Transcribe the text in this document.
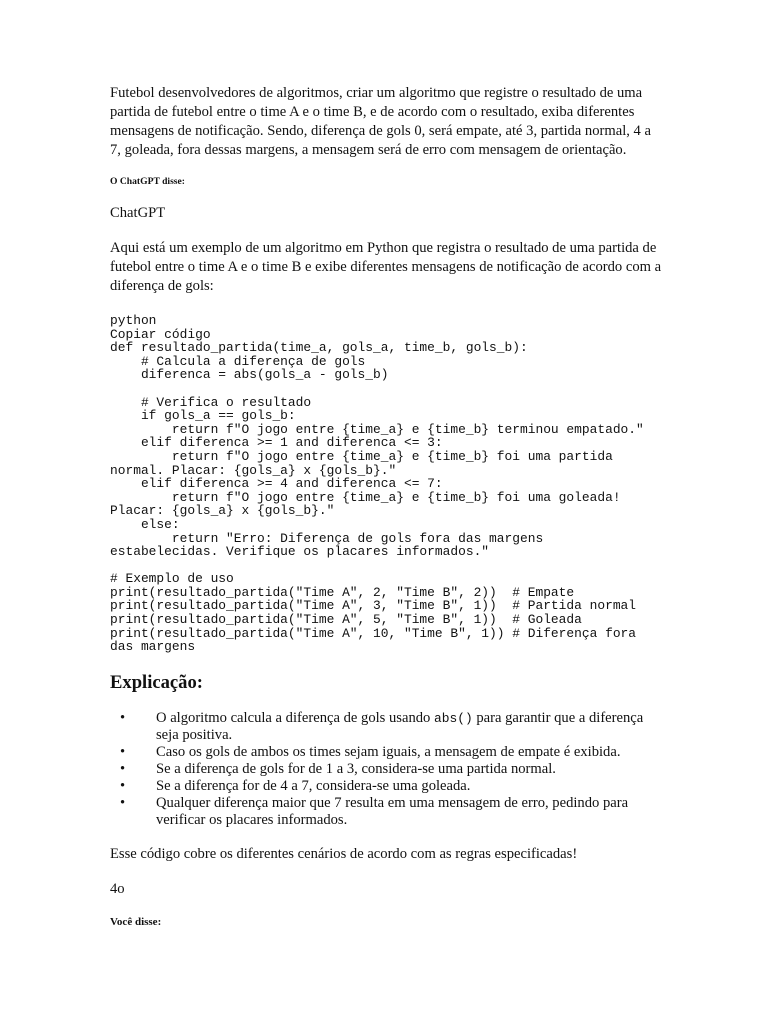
Futebol desenvolvedores de algoritmos, criar um algoritmo que registre o resultado de uma partida de futebol entre o time A e o time B, e de acordo com o resultado, exiba diferentes mensagens de notificação. Sendo, diferença de gols 0, será empate, até 3, partida normal, 4 a 7, goleada, fora dessas margens, a mensagem será de erro com mensagem de orientação.

O ChatGPT disse:

ChatGPT

Aqui está um exemplo de um algoritmo em Python que registra o resultado de uma partida de futebol entre o time A e o time B e exibe diferentes mensagens de notificação de acordo com a diferença de gols:

python
Copiar código
def resultado_partida(time_a, gols_a, time_b, gols_b):
# Calcula a diferença de gols
diferenca = abs(gols_a - gols_b)

# Verifica o resultado
if gols_a == gols_b:
return f"O jogo entre {time_a} e {time_b} terminou empatado."
elif diferenca >= 1 and diferenca <= 3:
return f"O jogo entre {time_a} e {time_b} foi uma partida
normal. Placar: {gols_a} x {gols_b}."
elif diferenca >= 4 and diferenca <= 7:
return f"O jogo entre {time_a} e {time_b} foi uma goleada!
Placar: {gols_a} x {gols_b}."
else:
return "Erro: Diferença de gols fora das margens
estabelecidas. Verifique os placares informados."

# Exemplo de uso
print(resultado_partida("Time A", 2, "Time B", 2))  # Empate
print(resultado_partida("Time A", 3, "Time B", 1))  # Partida normal
print(resultado_partida("Time A", 5, "Time B", 1))  # Goleada
print(resultado_partida("Time A", 10, "Time B", 1)) # Diferença fora
das margens

Explicação:

• O algoritmo calcula a diferença de gols usando abs() para garantir que a diferença seja positiva.
• Caso os gols de ambos os times sejam iguais, a mensagem de empate é exibida.
• Se a diferença de gols for de 1 a 3, considera-se uma partida normal.
• Se a diferença for de 4 a 7, considera-se uma goleada.
• Qualquer diferença maior que 7 resulta em uma mensagem de erro, pedindo para verificar os placares informados.

Esse código cobre os diferentes cenários de acordo com as regras especificadas!

4o

Você disse:
